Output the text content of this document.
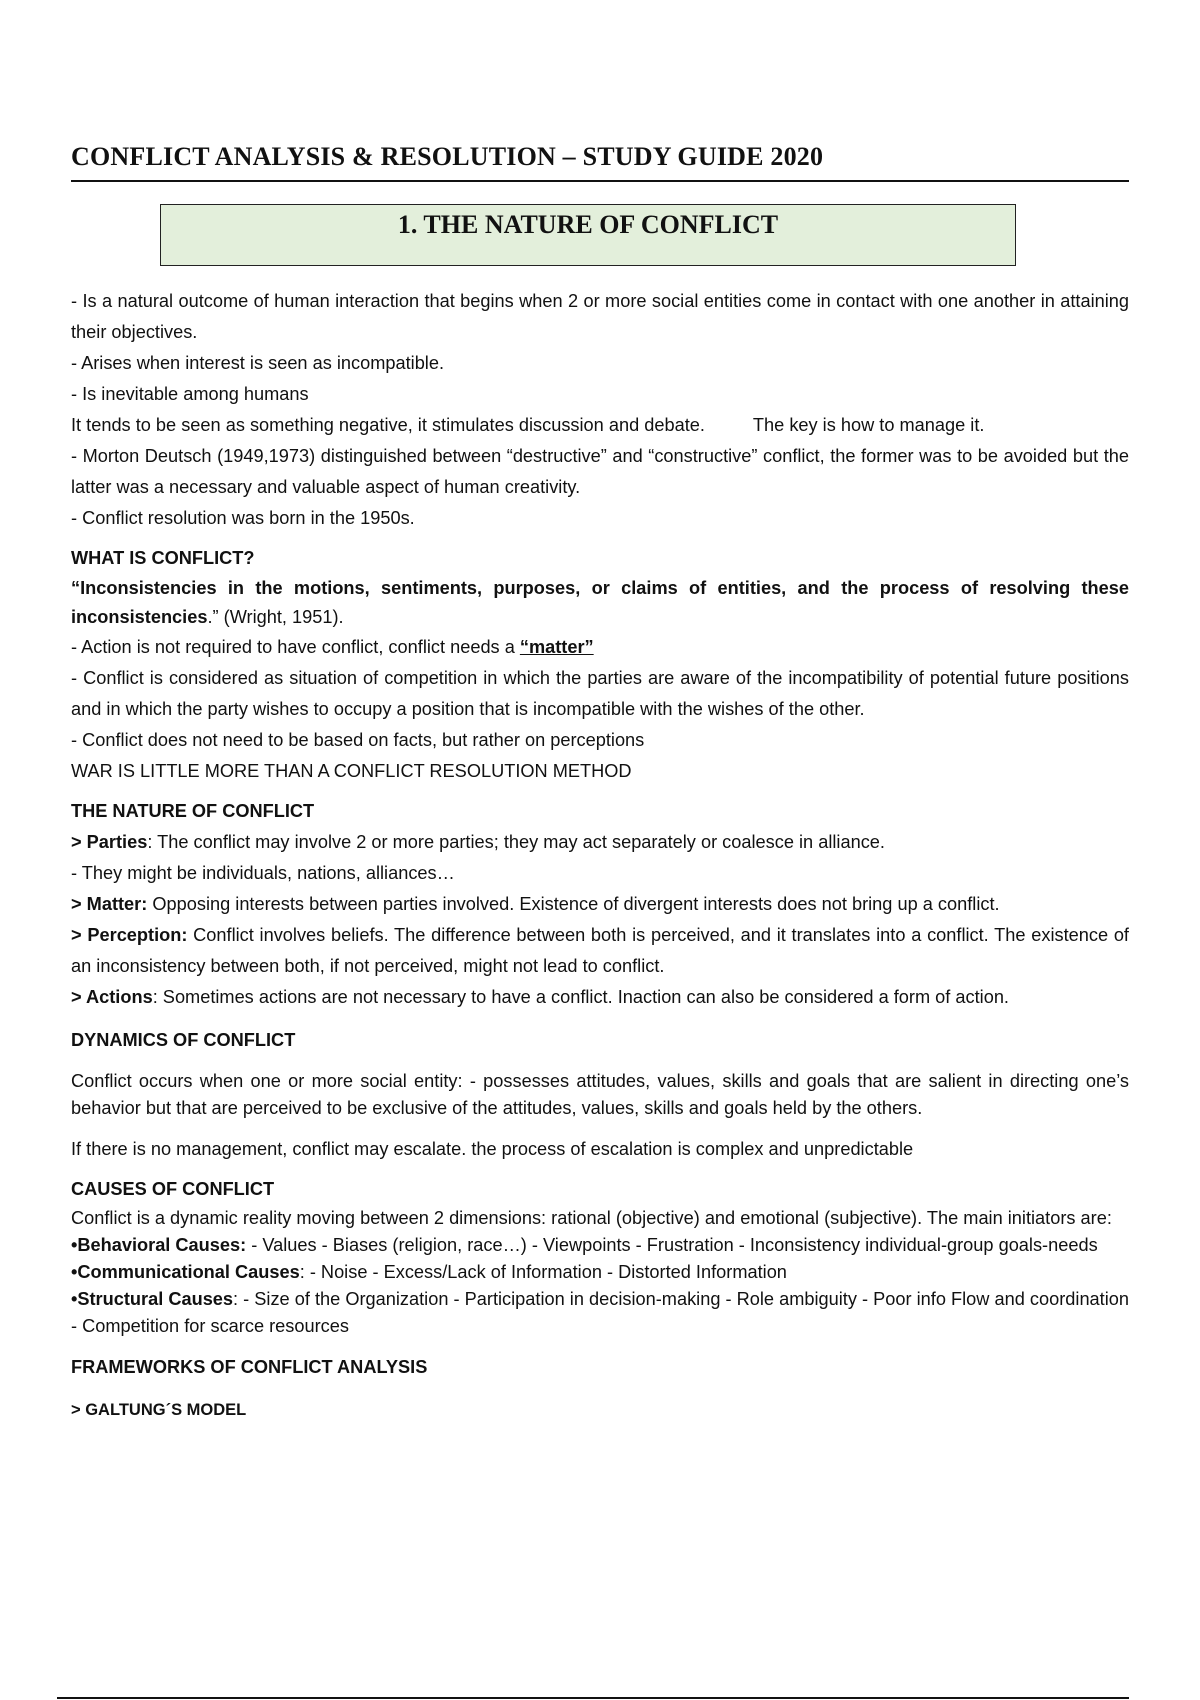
CONFLICT ANALYSIS & RESOLUTION – STUDY GUIDE 2020
1. THE NATURE OF CONFLICT

- Is a natural outcome of human interaction that begins when 2 or more social entities come in contact with one another in attaining their objectives.

- Arises when interest is seen as incompatible.

- Is inevitable among humans

It tends to be seen as something negative, it stimulates discussion and debate.	The key is how to manage it.

- Morton Deutsch (1949,1973) distinguished between “destructive” and “constructive” conflict, the former was to be avoided but the latter was a necessary and valuable aspect of human creativity.

- Conflict resolution was born in the 1950s.

WHAT IS CONFLICT?

“Inconsistencies in the motions, sentiments, purposes, or claims of entities, and the process of resolving these inconsistencies.” (Wright, 1951).

- Action is not required to have conflict, conflict needs a “matter”

- Conflict is considered as situation of competition in which the parties are aware of the incompatibility of potential future positions and in which the party wishes to occupy a position that is incompatible with the wishes of the other.

- Conflict does not need to be based on facts, but rather on perceptions

WAR IS LITTLE MORE THAN A CONFLICT RESOLUTION METHOD

THE NATURE OF CONFLICT

> Parties: The conflict may involve 2 or more parties; they may act separately or coalesce in alliance.

- They might be individuals, nations, alliances…

> Matter: Opposing interests between parties involved. Existence of divergent interests does not bring up a conflict.

> Perception: Conflict involves beliefs. The difference between both is perceived, and it translates into a conflict. The existence of an inconsistency between both, if not perceived, might not lead to conflict.

> Actions: Sometimes actions are not necessary to have a conflict. Inaction can also be considered a form of action.

DYNAMICS OF CONFLICT

Conflict occurs when one or more social entity: - possesses attitudes, values, skills and goals that are salient in directing one’s behavior but that are perceived to be exclusive of the attitudes, values, skills and goals held by the others.

If there is no management, conflict may escalate. the process of escalation is complex and unpredictable

CAUSES OF CONFLICT

Conflict is a dynamic reality moving between 2 dimensions: rational (objective) and emotional (subjective). The main initiators are:

•Behavioral Causes: - Values - Biases (religion, race…) - Viewpoints - Frustration - Inconsistency individual-group goals-needs

•Communicational Causes: - Noise - Excess/Lack of Information - Distorted Information

•Structural Causes: - Size of the Organization - Participation in decision-making - Role ambiguity - Poor info Flow and coordination - Competition for scarce resources

FRAMEWORKS OF CONFLICT ANALYSIS

> GALTUNG´S MODEL
